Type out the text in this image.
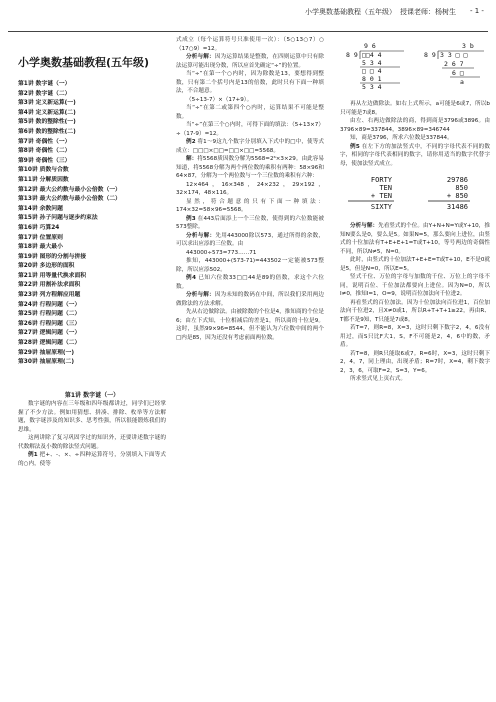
小学奥数基础教程（五年级） 授课老师：杨树生 - 1 -
小学奥数基础教程(五年级)
第1讲 数字谜（一）
第2讲 数字谜（二）
第3讲 定义新运算(一)
第4讲 定义新运算(二)
第5讲 数的整除性(一)
第6讲 数的整除性(二)
第7讲 奇偶性（一）
第8讲 奇偶性（二）
第9讲 奇偶性（三）
第10讲 质数与合数
第11讲 分解质因数
第12讲 最大公约数与最小公倍数（一）
第13讲 最大公约数与最小公倍数（二）
第14讲 余数问题
第15讲 孙子问题与逐步约束法
第16讲 巧算24
第17讲 位置原则
第18讲 最大最小
第19讲 图形的分割与拼接
第20讲 多边形的面积
第21讲 用等量代换求面积
第22讲 用割补法求面积
第23讲 列方程解应用题
第24讲 行程问题（一）
第25讲 行程问题（二）
第26讲 行程问题（三）
第27讲 逻辑问题（一）
第28讲 逻辑问题（二）
第29讲 抽屉原理(一)
第30讲 抽屉原理(二)
第1讲 数字谜（一）

数字谜的内容在三年级和四年级都讲过，同学们已经掌握了不少方法。例如用猜想、拼凑、排除、枚举等方法解题，数字谜涉及的知识多、思考性强，所以很能锻炼我们的思维。

这两讲除了复习巩固学过的知识外，还要讲述数字谜的代数解法及小数的除法竖式问题。

例1 把+、-、×、÷四种运算符号，分别填入下面等式的○内，使等

式成立（每个运算符号只准使用一次）：（5○13○7）○（17○9）=12。

分析与解：因为运算结果是整数，在四则运算中只有除法运算可能出现分数，所以应首先确定“÷”的位置。

当“÷”在第一个○内时，因为除数是13，要想得到整数，只有第二个括号内是13的倍数，此时只有下面一种填法，不合题意。

（5÷13-7）×（17+9）。

当“÷”在第二或第四个○内时，运算结果不可能是整数。

当“÷”在第三个○内时，可得下面的填法：（5+13×7）÷（17-9）=12。

例2 将1～9这九个数字分别填入下式中的□中，使等式成立：□□□×□□=□□×□□=5568。

解：将5568质因数分解为5568=2⁶×3×29。由此容易知道，将5568分解为两个两位数的乘积有两种：58×96和64×87，分解为一个两位数与一个三位数的乘积有六种：

12×464，16×348，24×232，29×192，32×174，48×116。

显然，符合题意的只有下面一种填法：174×32=58×96=5568。

例3 在443后面添上一个三位数，使得到的六位数能被573整除。

分析与解：先用443000除以573，通过所得的余数，可以求出应添的三位数。由

443000÷573=773……71

推知，443000+(573-71)=443502一定能被573整除，所以应添502。

例4 已知六位数33□□44是89的倍数，求这个六位数。

分析与解：因为未知的数码在中间，所以我们采用两边做除法的方法求解。

先从右边做除法。由被除数的个位是4，推知商的个位是6；由左下式知，十位相减后的差是1，所以商的十位是9。这时，虽然99×96=8544，但不能认为六位数中间的两个□内是85，因为还没有考虑前面两位数。

9 6
8 9 □□4 4
5 3 4
□ □ 4
8 0 1
5 3 4
3 b
8 9 3 3 □ □
2 6 7
6 □
a

再从左边做除法。如右上式所示，a可能是6或7，所以b只可能是7或8。

由左、右两边做除法的商，得到商是3796或3896。由3796×89=337844，3896×89=346744

知，商是3796，所求六位数是337844。

例5 在左下方的加法竖式中，不同的字母代表不同的数字，相同的字母代表相同的数字，请你用适当的数字代替字母，使加法竖式成立。

FORTY
TEN
+ TEN
SIXTY
29786
850
+ 850
31486

分析与解：先看竖式的个位。由Y+N+N=Y或Y+10，推知N要么是0，要么是5。如果N=5，那么要向上进位，由竖式的十位加法有T+E+E+1=T或T+10，等号两边的奇偶性不同，所以N≠5，N=0。

此时，由竖式的十位加法T+E+E=T或T+10，E不是0就是5，但是N=0，所以E=5。

竖式千位、万位的字母与加数的千位、万位上的字母不同，说明百位、千位加法都要向上进位。因为N=0，所以I≠0，推知I=1，O=9，说明百位加法向千位进2。

再看竖式的百位加法。因为十位加法向百位进1，百位加法向千位进2，且X≠0或1，所以R+T+T+1≥22，再由R、T都不是9知，T只能是7或8。

若T=7，则R=8，X=3，这时只剩下数字2，4，6没有用过，而S只比F大1，S，F不可能是2，4，6中的数，矛盾。

若T=8，则R只能取6或7。R=6时，X=3，这时只剩下2，4，7，同上理由，出现矛盾；R=7时，X=4，剩下数字2，3，6，可取F=2，S=3，Y=6。

所求竖式见上页右式。
